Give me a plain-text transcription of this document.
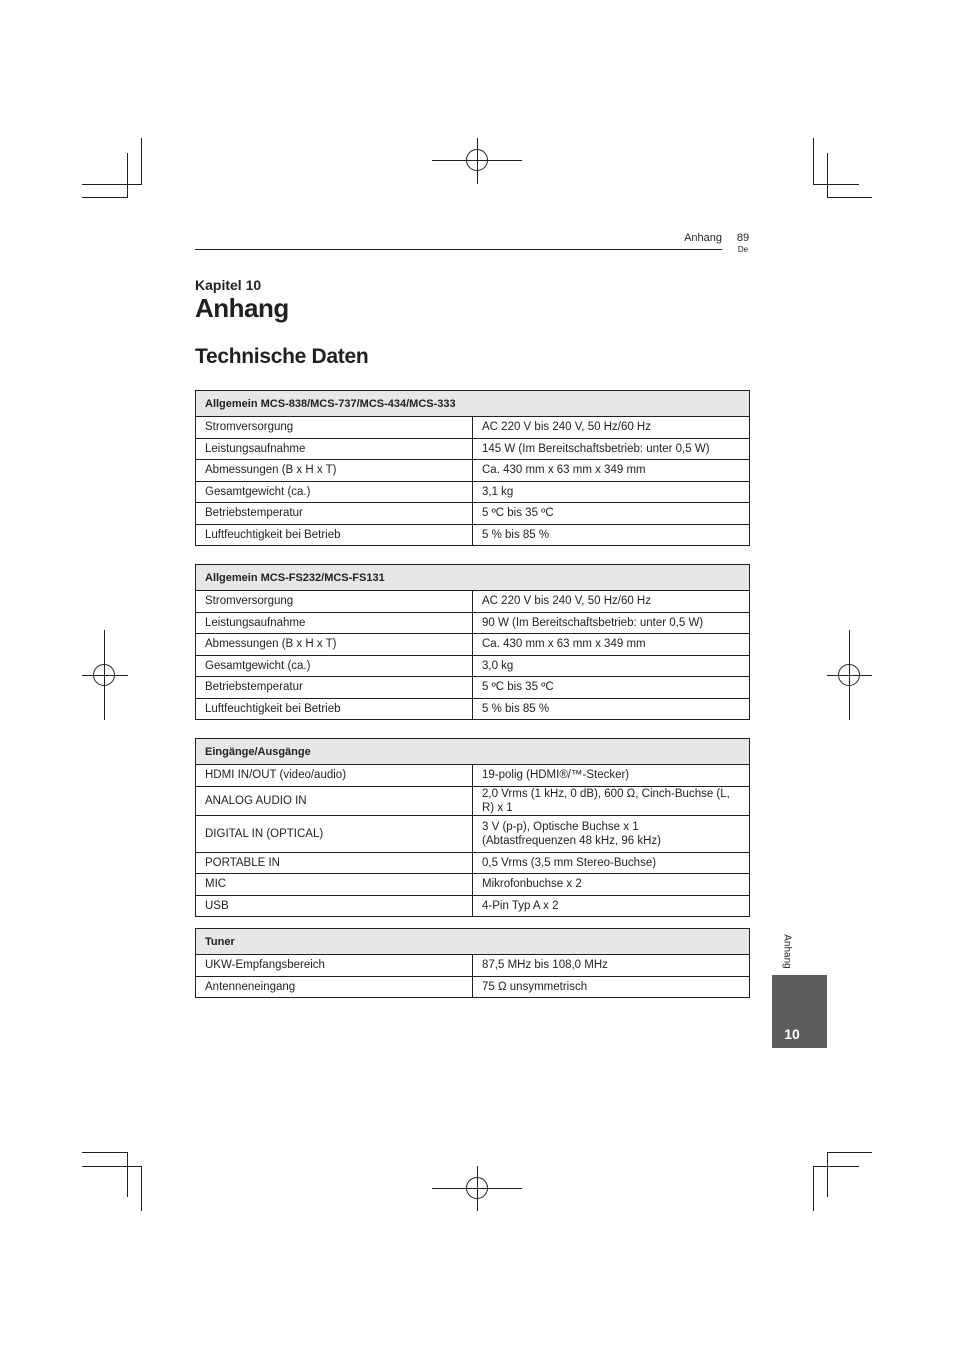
Anhang	89
De
Kapitel 10
Anhang
Technische Daten
Allgemein MCS-838/MCS-737/MCS-434/MCS-333	
Stromversorgung	AC 220 V bis 240 V, 50 Hz/60 Hz
Leistungsaufnahme	145 W (Im Bereitschaftsbetrieb: unter 0,5 W)
Abmessungen (B x H x T)	Ca. 430 mm x 63 mm x 349 mm
Gesamtgewicht (ca.)	3,1 kg
Betriebstemperatur	5 ºC bis 35 ºC
Luftfeuchtigkeit bei Betrieb	5 % bis 85 %
Allgemein MCS-FS232/MCS-FS131	
Stromversorgung	AC 220 V bis 240 V, 50 Hz/60 Hz
Leistungsaufnahme	90 W (Im Bereitschaftsbetrieb: unter 0,5 W)
Abmessungen (B x H x T)	Ca. 430 mm x 63 mm x 349 mm
Gesamtgewicht (ca.)	3,0 kg
Betriebstemperatur	5 ºC bis 35 ºC
Luftfeuchtigkeit bei Betrieb	5 % bis 85 %
Eingänge/Ausgänge	
HDMI IN/OUT (video/audio)	19-polig (HDMI®/™-Stecker)
ANALOG AUDIO IN	2,0 Vrms (1 kHz, 0 dB), 600 Ω, Cinch-Buchse (L, R) x 1
DIGITAL IN (OPTICAL)	3 V (p-p), Optische Buchse x 1
(Abtastfrequenzen 48 kHz, 96 kHz)
PORTABLE IN	0,5 Vrms (3,5 mm Stereo-Buchse)
MIC	Mikrofonbuchse x 2
USB	4-Pin Typ A x 2
Tuner	
UKW-Empfangsbereich	87,5 MHz bis 108,0 MHz
Antenneneingang	75 Ω unsymmetrisch
Anhang
10
